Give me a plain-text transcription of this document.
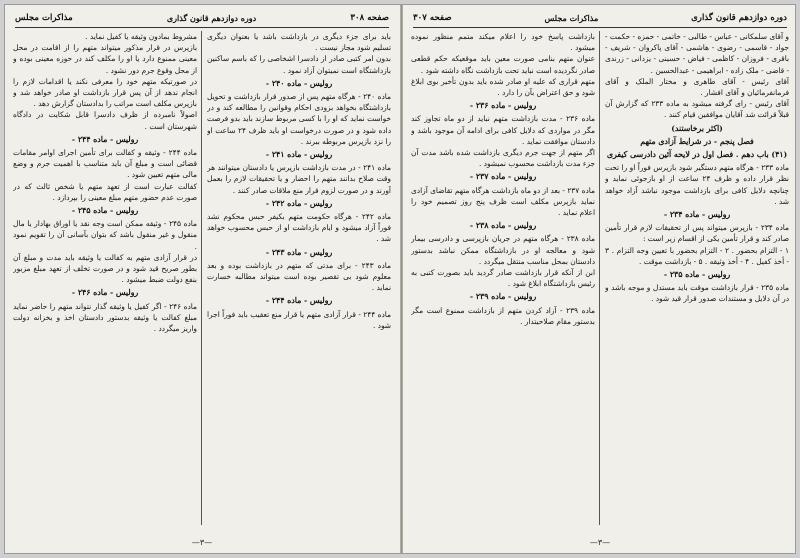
صفحه ۳۰۸
دوره دوازدهم قانون گذاری
مذاکرات مجلس

باید برای جزء دیگری در بازداشت باشد یا بعنوان دیگری تسلیم شود مجاز نیست .

بدون امر کتبی صادر از دادسرا اشخاصی را که باسم ساکنین بازداشتگاه است نمیتوان آزاد نمود .

رولیس - ماده ۲۴۰ -

ماده ۲۴۰ - هرگاه متهم پس از صدور قرار بازداشت و تحویل بازداشتگاه بخواهد بزودی احکام وقوانین را مطالعه کند و در خواست نماید که او را با کسی مربوط سازند باید بدو فرصت داده شود و در صورت درخواست او باید ظرف ۲۴ ساعت او را نزد بازپرس مربوطه ببرند .

رولیس - ماده ۲۴۱ -

ماده ۲۴۱ - در مدت بازداشت بازپرس یا دادستان میتوانند هر وقت صلاح بدانند متهم را احضار و یا تحقیقات لازم را بعمل آورند و در صورت لزوم قرار منع ملاقات صادر کنند .

رولیس - ماده ۲۴۲ -

ماده ۲۴۲ - هرگاه حکومت متهم بکیفر حبس محکوم نشد فوراً آزاد میشود و ایام بازداشت او از حبس محسوب خواهد شد .

رولیس - ماده ۲۴۳ -

ماده ۲۴۳ - برای مدتی که متهم در بازداشت بوده و بعد معلوم شود بی تقصیر بوده است میتواند مطالبه خسارت نماید .

رولیس - ماده ۲۴۴ -

ماده ۲۴۴ - قرار آزادی متهم یا قرار منع تعقیب باید فوراً اجرا شود .

مشروط بمادون وثیقه یا کفیل نماید .

بازپرس در قرار مذکور میتواند متهم را از اقامت در محل معینی ممنوع دارد یا او را مکلف کند در حوزه معینی بوده و از محل وقوع جرم دور نشود .

در صورتیکه متهم خود را معرفی نکند یا اقدامات لازم را انجام ندهد از آن پس قرار بازداشت او صادر خواهد شد و بازپرس مکلف است مراتب را بدادستان گزارش دهد .

اصولاً نامبرده از ظرف دادسرا قابل شکایت در دادگاه شهرستان است .

رولیس - ماده ۲۴۴ -

ماده ۲۴۴ - وثیقه و کفالت برای تأمین اجرای اوامر مقامات قضائی است و مبلغ آن باید متناسب با اهمیت جرم و وضع مالی متهم تعیین شود .

کفالت عبارت است از تعهد متهم یا شخص ثالث که در صورت عدم حضور متهم مبلغ معینی را بپردازد .

رولیس - ماده ۲۴۵ -

ماده ۲۴۵ - وثیقه ممکن است وجه نقد یا اوراق بهادار یا مال منقول و غیر منقول باشد که بتوان بآسانی آن را تقویم نمود .

در قرار آزادی متهم به کفالت یا وثیقه باید مدت و مبلغ آن بطور صریح قید شود و در صورت تخلف از تعهد مبلغ مزبور بنفع دولت ضبط میشود .

رولیس - ماده ۲۴۶ -

ماده ۲۴۶ - اگر کفیل یا وثیقه گذار نتواند متهم را حاضر نماید مبلغ کفالت یا وثیقه بدستور دادستان اخذ و بخزانه دولت واریز میگردد .

—۳—
دوره دوازدهم قانون گذاری
مذاکرات مجلس
صفحه ۳۰۷

و آقای سلمکانی - عباس - طالبی - خاتمی - حمزه - حکمت - جواد - قاسمی - رضوی - هاشمی - آقای پاکروان - شریف - باقری - فروزان - کاظمی - فیاض - حسینی - یزدانی - زرندی - قاضی - ملک زاده - ابراهیمی - عبدالحسین .

آقای رئیس - آقای طاهری و مختار الملک و آقای فرمانفرمائیان و آقای افشار .

آقای رئیس - رای گرفته میشود به ماده ۲۳۳ که گزارش آن قبلاً قرائت شد آقایان موافقین قیام کنند .

(اکثر برخاستند)

فصل پنجم - در شرایط آزادی متهم

(۴۱) باب دهم . فصل اول در لایحه آئین دادرسی کیفری

ماده ۲۳۳ - هرگاه متهم دستگیر شود بازپرس فوراً او را تحت نظر قرار داده و ظرف ۲۴ ساعت از او بازجوئی نماید و چنانچه دلایل کافی برای بازداشت موجود نباشد آزاد خواهد شد .

رولیس - ماده ۲۳۴ -

ماده ۲۳۴ - بازپرس میتواند پس از تحقیقات لازم قرار تأمین صادر کند و قرار تأمین یکی از اقسام زیر است :

۱ - التزام بحضور . ۲ - التزام بحضور با تعیین وجه التزام . ۳ - أخذ کفیل . ۴ - أخذ وثیقه . ۵ - بازداشت موقت .

رولیس - ماده ۲۳۵ -

ماده ۲۳۵ - قرار بازداشت موقت باید مستدل و موجه باشد و در آن دلایل و مستندات صدور قرار قید شود .

بازداشت پاسخ خود را اعلام میکند متمم منظور نموده میشود .

عنوان متهم بنامی صورت معین باید موقعیکه حکم قطعی صادر نگردیده است نباید تحت بازداشت نگاه داشته شود .

متهم قراری که علیه او صادر شده باید بدون تأخیر بوی ابلاغ شود و حق اعتراض بآن را دارد .

رولیس - ماده ۲۳۶ -

ماده ۲۳۶ - مدت بازداشت متهم نباید از دو ماه تجاوز کند مگر در مواردی که دلایل کافی برای ادامه آن موجود باشد و دادستان موافقت نماید .

اگر متهم از جهت جرم دیگری بازداشت شده باشد مدت آن جزء مدت بازداشت محسوب نمیشود .

رولیس - ماده ۲۳۷ -

ماده ۲۳۷ - بعد از دو ماه بازداشت هرگاه متهم تقاضای آزادی نماید بازپرس مکلف است ظرف پنج روز تصمیم خود را اعلام نماید .

رولیس - ماده ۲۳۸ -

ماده ۲۳۸ - هرگاه متهم در جریان بازپرسی و دادرسی بیمار شود و معالجه او در بازداشتگاه ممکن نباشد بدستور دادستان بمحل مناسب منتقل میگردد .

ابن از آنکه قرار بازداشت صادر گردید باید بصورت کتبی به رئیس بازداشتگاه ابلاغ شود .

رولیس - ماده ۲۳۹ -

ماده ۲۳۹ - آزاد کردن متهم از بازداشت ممنوع است مگر بدستور مقام صلاحیتدار .

—۳—
